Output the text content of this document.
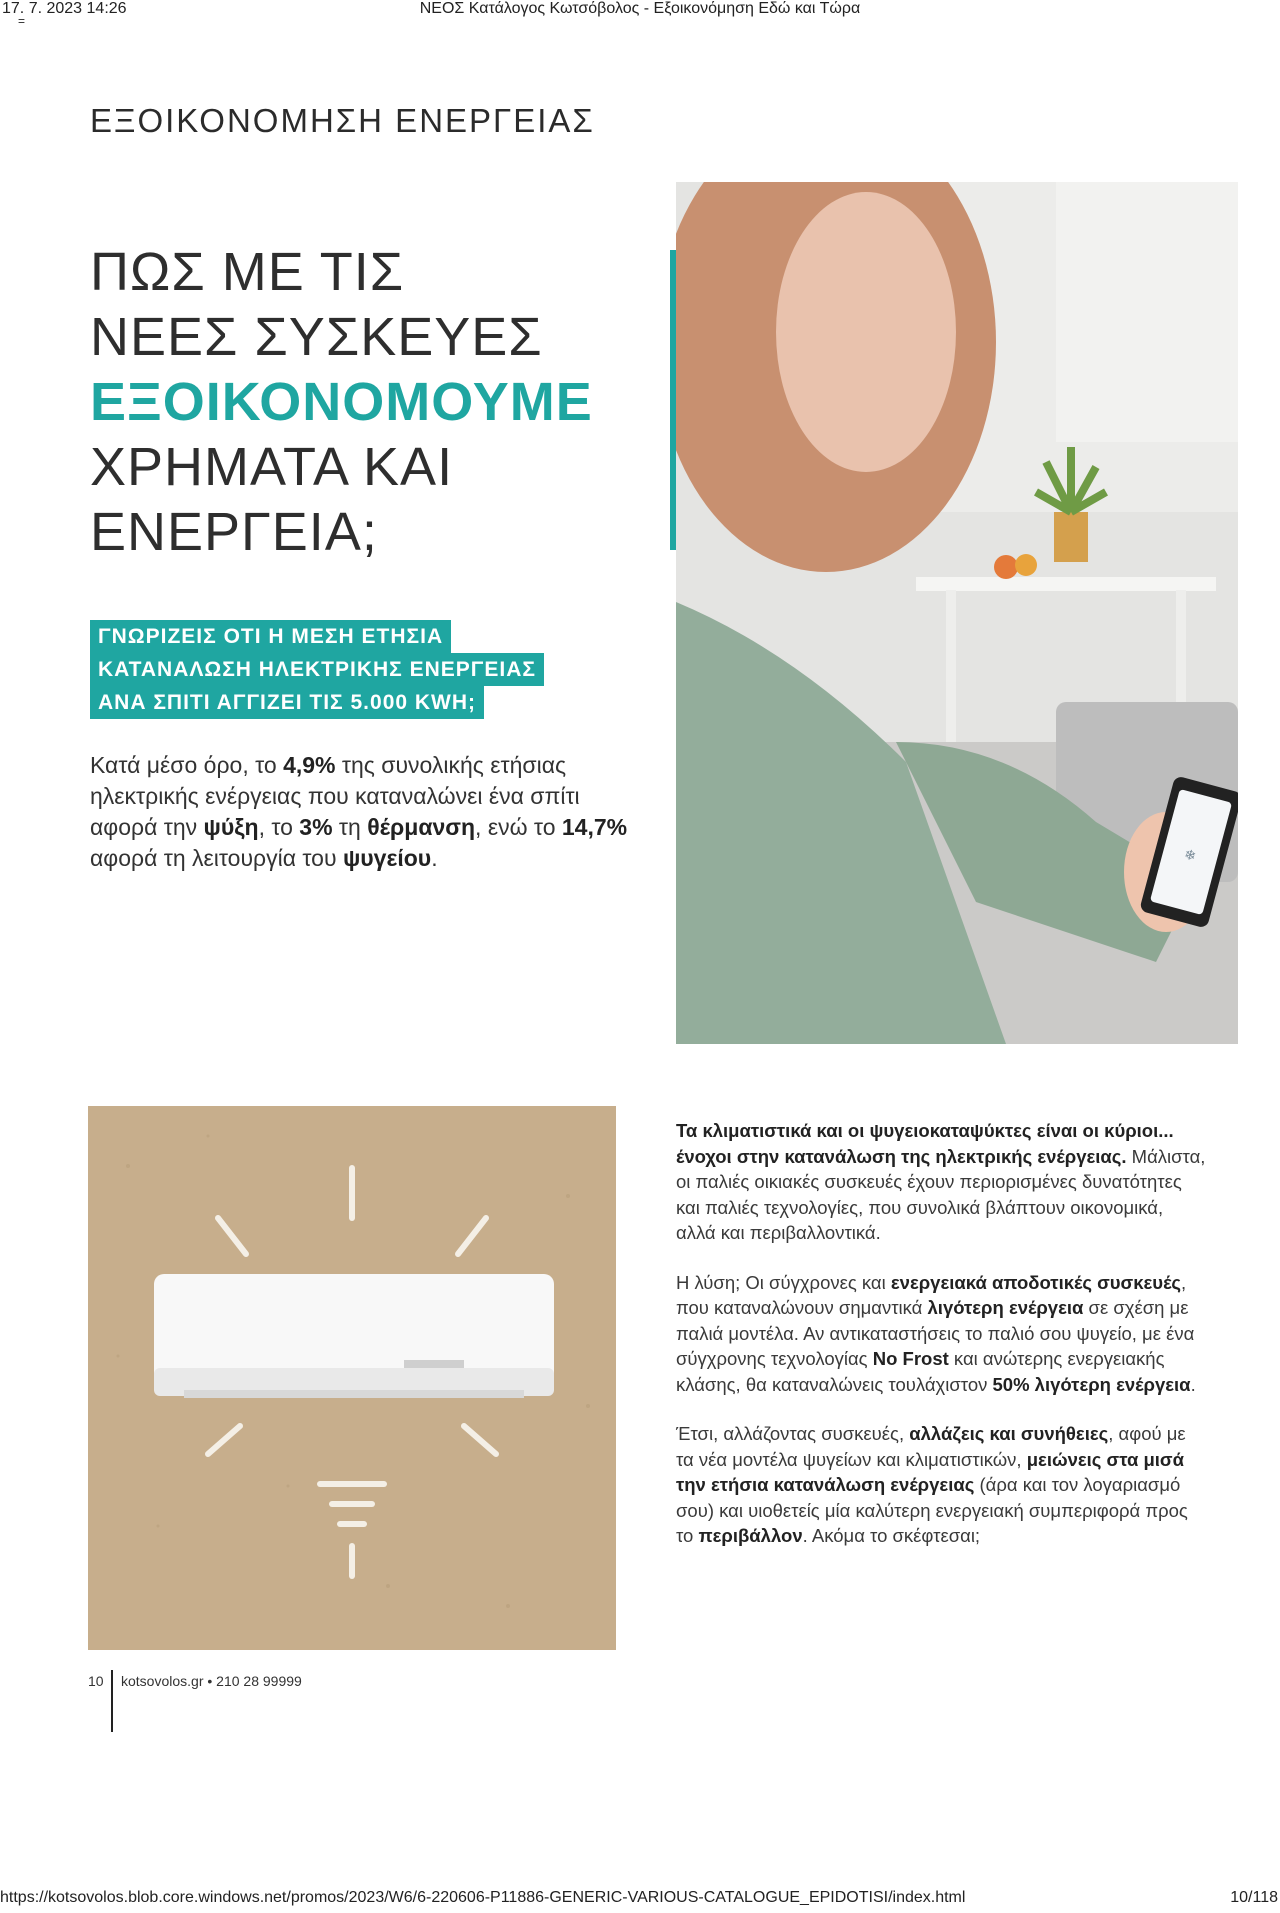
17. 7. 2023 14:26	ΝΕΟΣ Κατάλογος Κωτσόβολος - Εξοικονόμηση Εδώ και Τώρα
=
ΕΞΟΙΚΟΝΟΜΗΣΗ ΕΝΕΡΓΕΙΑΣ
ΠΩΣ ΜΕ ΤΙΣ
ΝΕΕΣ ΣΥΣΚΕΥΕΣ
ΕΞΟΙΚΟΝΟΜΟΥΜΕ
ΧΡΗΜΑΤΑ ΚΑΙ
ΕΝΕΡΓΕΙΑ;
❄
ΓΝΩΡΙΖΕΙΣ ΟΤΙ Η ΜΕΣΗ ΕΤΗΣΙΑ
ΚΑΤΑΝΑΛΩΣΗ ΗΛΕΚΤΡΙΚΗΣ ΕΝΕΡΓΕΙΑΣ
ΑΝΑ ΣΠΙΤΙ ΑΓΓΙΖΕΙ ΤΙΣ 5.000 KWH;

Κατά μέσο όρο, το 4,9% της συνολικής ετήσιας ηλεκτρικής ενέργειας που καταναλώνει ένα σπίτι αφορά την ψύξη, το 3% τη θέρμανση, ενώ το 14,7% αφορά τη λειτουργία του ψυγείου.

Τα κλιματιστικά και οι ψυγειοκαταψύκτες είναι οι κύριοι... ένοχοι στην κατανάλωση της ηλεκτρικής ενέργειας. Μάλιστα, οι παλιές οικιακές συσκευές έχουν περιορισμένες δυνατότητες και παλιές τεχνολογίες, που συνολικά βλάπτουν οικονομικά, αλλά και περιβαλλοντικά.

Η λύση; Οι σύγχρονες και ενεργειακά αποδοτικές συσκευές, που καταναλώνουν σημαντικά λιγότερη ενέργεια σε σχέση με παλιά μοντέλα. Αν αντικαταστήσεις το παλιό σου ψυγείο, με ένα σύγχρονης τεχνολογίας No Frost και ανώτερης ενεργειακής κλάσης, θα καταναλώνεις τουλάχιστον 50% λιγότερη ενέργεια.

Έτσι, αλλάζοντας συσκευές, αλλάζεις και συνήθειες, αφού με τα νέα μοντέλα ψυγείων και κλιματιστικών, μειώνεις στα μισά την ετήσια κατανάλωση ενέργειας (άρα και τον λογαριασμό σου) και υιοθετείς μία καλύτερη ενεργειακή συμπεριφορά προς το περιβάλλον. Ακόμα το σκέφτεσαι;

10 kotsovolos.gr • 210 28 99999
https://kotsovolos.blob.core.windows.net/promos/2023/W6/6-220606-P11886-GENERIC-VARIOUS-CATALOGUE_EPIDOTISI/index.html	10/118
